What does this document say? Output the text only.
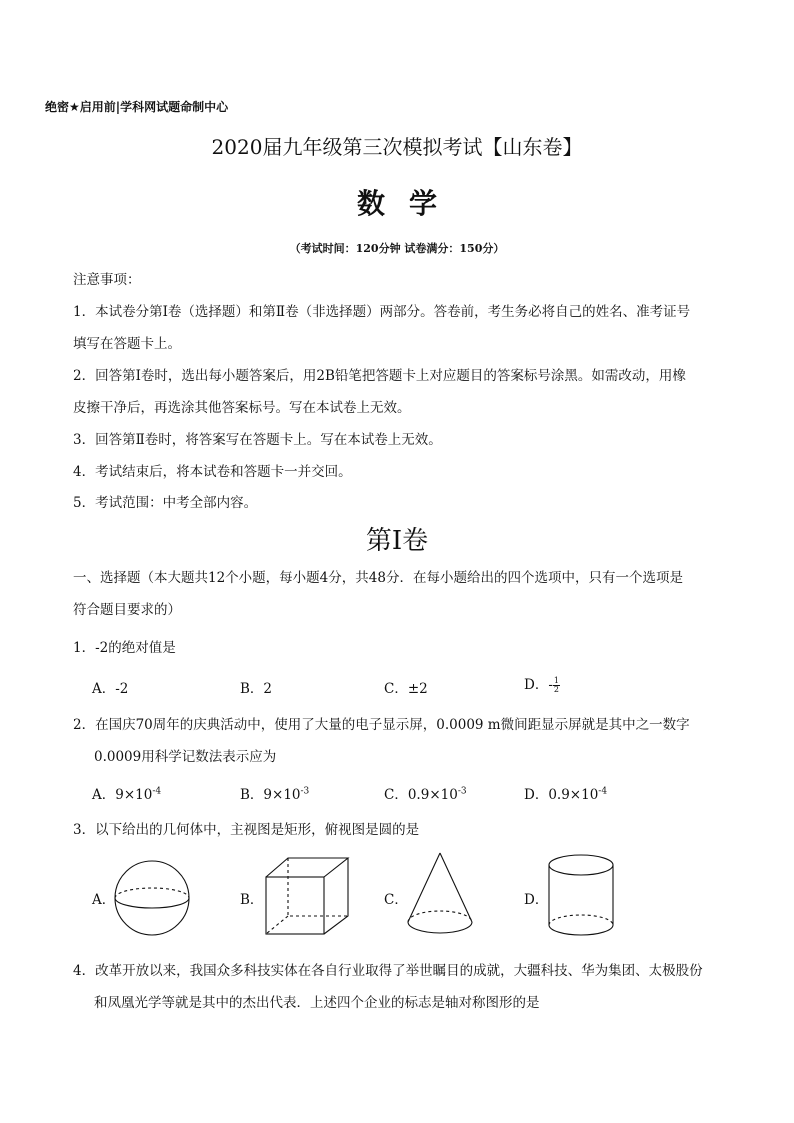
绝密★启用前|学科网试题命制中心
2020届九年级第三次模拟考试【山东卷】
数学
（考试时间：120分钟 试卷满分：150分）
注意事项：
1．本试卷分第Ⅰ卷（选择题）和第Ⅱ卷（非选择题）两部分。答卷前，考生务必将自己的姓名、准考证号
填写在答题卡上。
2．回答第Ⅰ卷时，选出每小题答案后，用2B铅笔把答题卡上对应题目的答案标号涂黑。如需改动，用橡
皮擦干净后，再选涂其他答案标号。写在本试卷上无效。
3．回答第Ⅱ卷时，将答案写在答题卡上。写在本试卷上无效。
4．考试结束后，将本试卷和答题卡一并交回。
5．考试范围：中考全部内容。
第Ⅰ卷
一、选择题（本大题共12个小题，每小题4分，共48分．在每小题给出的四个选项中，只有一个选项是
符合题目要求的）
1．-2的绝对值是
A．-2	B．2	C．±2	D．- $\frac{1}{2}$
2．在国庆70周年的庆典活动中，使用了大量的电子显示屏，0.0009 m微间距显示屏就是其中之一数字
0.0009用科学记数法表示应为
A．$9\times 10^{-4}$	B．$9\times 10^{-3}$	C．$0.9\times 10^{-3}$	D．$0.9\times 10^{-4}$
3．以下给出的几何体中，主视图是矩形，俯视图是圆的是
A．	B．	C．	D．
4．改革开放以来，我国众多科技实体在各自行业取得了举世瞩目的成就，大疆科技、华为集团、太极股份
和凤凰光学等就是其中的杰出代表．上述四个企业的标志是轴对称图形的是
